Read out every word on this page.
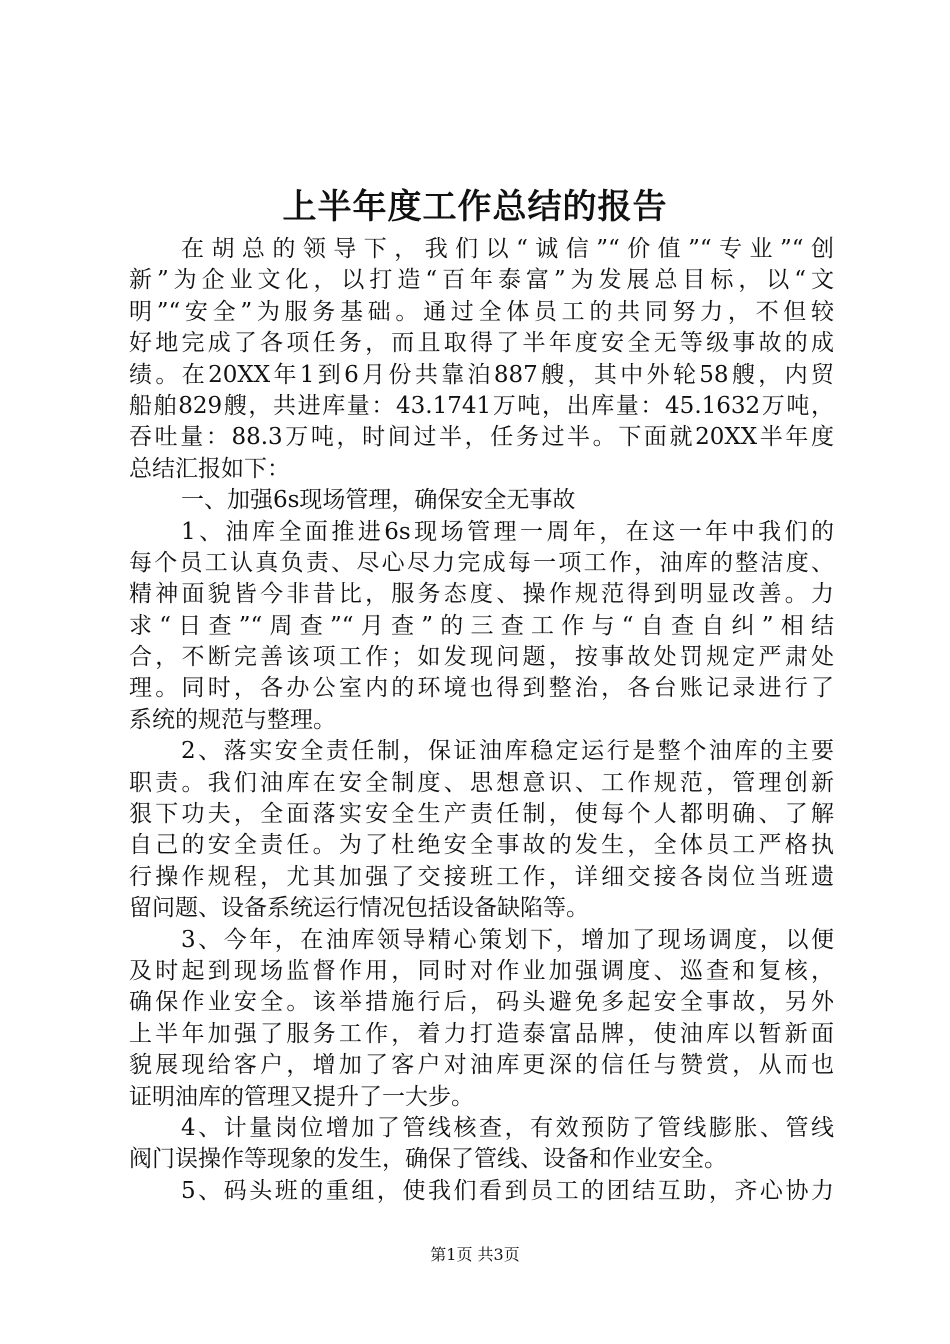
上半年度工作总结的报告
在胡总的领导下，我们以“诚信”“价值”“专业”“创
新”为企业文化，以打造“百年泰富”为发展总目标，以“文
明”“安全”为服务基础。通过全体员工的共同努力，不但较
好地完成了各项任务，而且取得了半年度安全无等级事故的成
绩。在20XX年1到6月份共靠泊887艘，其中外轮58艘，内贸
船舶829艘，共进库量：43.1741万吨，出库量：45.1632万吨，
吞吐量：88.3万吨，时间过半，任务过半。下面就20XX半年度
总结汇报如下：
一、加强6s现场管理，确保安全无事故
1、油库全面推进6s现场管理一周年，在这一年中我们的
每个员工认真负责、尽心尽力完成每一项工作，油库的整洁度、
精神面貌皆今非昔比，服务态度、操作规范得到明显改善。力
求“日查”“周查”“月查”的三查工作与“自查自纠”相结
合，不断完善该项工作；如发现问题，按事故处罚规定严肃处
理。同时，各办公室内的环境也得到整治，各台账记录进行了
系统的规范与整理。
2、落实安全责任制，保证油库稳定运行是整个油库的主要
职责。我们油库在安全制度、思想意识、工作规范，管理创新
狠下功夫，全面落实安全生产责任制，使每个人都明确、了解
自己的安全责任。为了杜绝安全事故的发生，全体员工严格执
行操作规程，尤其加强了交接班工作，详细交接各岗位当班遗
留问题、设备系统运行情况包括设备缺陷等。
3、今年，在油库领导精心策划下，增加了现场调度，以便
及时起到现场监督作用，同时对作业加强调度、巡查和复核，
确保作业安全。该举措施行后，码头避免多起安全事故，另外
上半年加强了服务工作，着力打造泰富品牌，使油库以暂新面
貌展现给客户，增加了客户对油库更深的信任与赞赏，从而也
证明油库的管理又提升了一大步。
4、计量岗位增加了管线核查，有效预防了管线膨胀、管线
阀门误操作等现象的发生，确保了管线、设备和作业安全。
5、码头班的重组，使我们看到员工的团结互助，齐心协力
第1页 共3页
